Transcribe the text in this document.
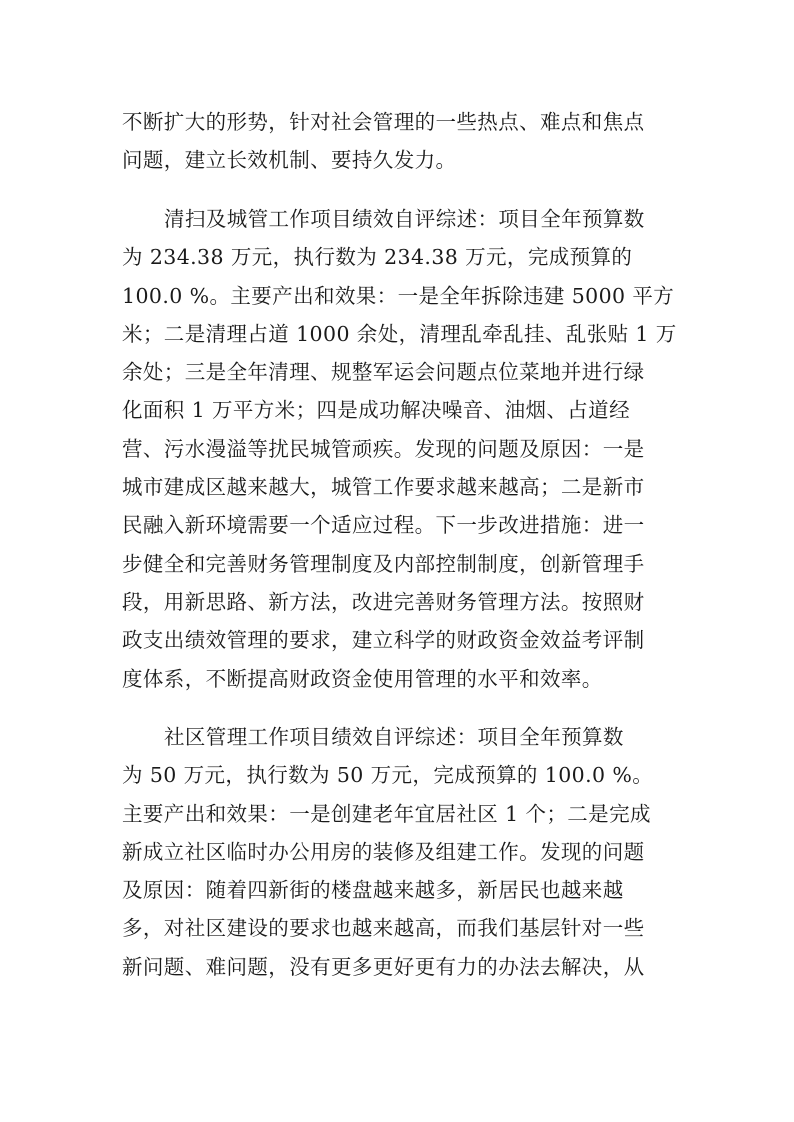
不断扩大的形势，针对社会管理的一些热点、难点和焦点
问题，建立长效机制、要持久发力。
清扫及城管工作项目绩效自评综述：项目全年预算数
为 234.38 万元，执行数为 234.38 万元，完成预算的
100.0 %。主要产出和效果：一是全年拆除违建 5000 平方
米；二是清理占道 1000 余处，清理乱牵乱挂、乱张贴 1 万
余处；三是全年清理、规整军运会问题点位菜地并进行绿
化面积 1 万平方米；四是成功解决噪音、油烟、占道经
营、污水漫溢等扰民城管顽疾。发现的问题及原因：一是
城市建成区越来越大，城管工作要求越来越高；二是新市
民融入新环境需要一个适应过程。下一步改进措施：进一
步健全和完善财务管理制度及内部控制制度，创新管理手
段，用新思路、新方法，改进完善财务管理方法。按照财
政支出绩效管理的要求，建立科学的财政资金效益考评制
度体系，不断提高财政资金使用管理的水平和效率。
社区管理工作项目绩效自评综述：项目全年预算数
为 50 万元，执行数为 50 万元，完成预算的 100.0 %。
主要产出和效果：一是创建老年宜居社区 1 个；二是完成
新成立社区临时办公用房的装修及组建工作。发现的问题
及原因：随着四新街的楼盘越来越多，新居民也越来越
多，对社区建设的要求也越来越高，而我们基层针对一些
新问题、难问题，没有更多更好更有力的办法去解决，从
